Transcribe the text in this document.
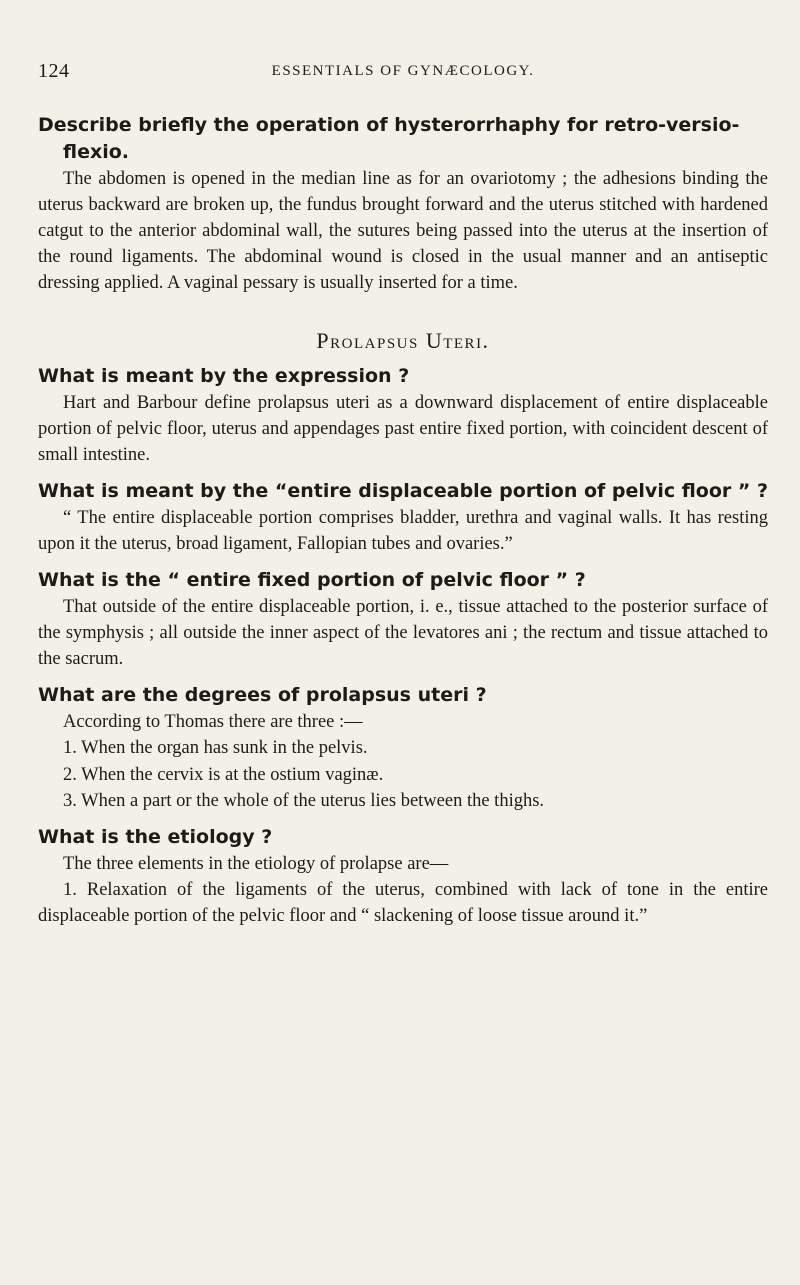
124	ESSENTIALS OF GYNÆCOLOGY.

Describe briefly the operation of hysterorrhaphy for retro-versio-flexio.

The abdomen is opened in the median line as for an ovariotomy ; the adhesions binding the uterus backward are broken up, the fundus brought forward and the uterus stitched with hardened catgut to the anterior abdominal wall, the sutures being passed into the uterus at the insertion of the round ligaments. The abdominal wound is closed in the usual manner and an antiseptic dressing applied. A vaginal pessary is usually inserted for a time.

Prolapsus Uteri.

What is meant by the expression ?

Hart and Barbour define prolapsus uteri as a downward displacement of entire displaceable portion of pelvic floor, uterus and appendages past entire fixed portion, with coincident descent of small intestine.

What is meant by the “entire displaceable portion of pelvic floor ” ?

“ The entire displaceable portion comprises bladder, urethra and vaginal walls. It has resting upon it the uterus, broad ligament, Fallopian tubes and ovaries.”

What is the “ entire fixed portion of pelvic floor ” ?

That outside of the entire displaceable portion, i. e., tissue attached to the posterior surface of the symphysis ; all outside the inner aspect of the levatores ani ; the rectum and tissue attached to the sacrum.

What are the degrees of prolapsus uteri ?

According to Thomas there are three :—

1. When the organ has sunk in the pelvis.

2. When the cervix is at the ostium vaginæ.

3. When a part or the whole of the uterus lies between the thighs.

What is the etiology ?

The three elements in the etiology of prolapse are—

1. Relaxation of the ligaments of the uterus, combined with lack of tone in the entire displaceable portion of the pelvic floor and “ slackening of loose tissue around it.”
